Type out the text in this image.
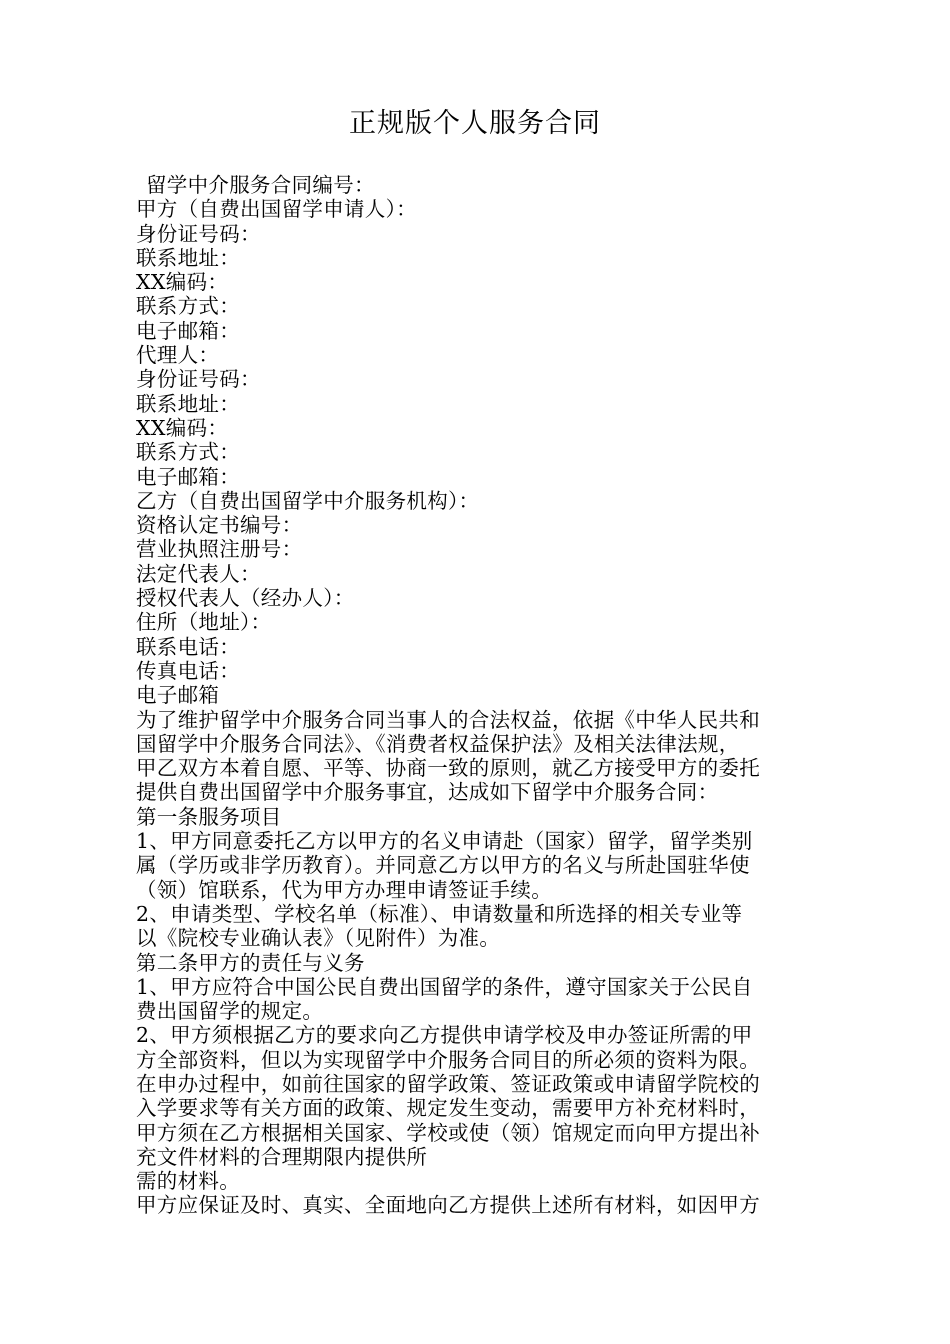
正规版个人服务合同
留学中介服务合同编号：
甲方（自费出国留学申请人）：
身份证号码：
联系地址：
XX编码：
联系方式：
电子邮箱：
代理人：
身份证号码：
联系地址：
XX编码：
联系方式：
电子邮箱：
乙方（自费出国留学中介服务机构）：
资格认定书编号：
营业执照注册号：
法定代表人：
授权代表人（经办人）：
住所（地址）：
联系电话：
传真电话：
电子邮箱
为了维护留学中介服务合同当事人的合法权益，依据《中华人民共和
国留学中介服务合同法》、《消费者权益保护法》及相关法律法规，
甲乙双方本着自愿、平等、协商一致的原则，就乙方接受甲方的委托
提供自费出国留学中介服务事宜，达成如下留学中介服务合同：
第一条服务项目
1、甲方同意委托乙方以甲方的名义申请赴（国家）留学，留学类别
属（学历或非学历教育）。并同意乙方以甲方的名义与所赴国驻华使
（领）馆联系，代为甲方办理申请签证手续。
2、申请类型、学校名单（标准）、申请数量和所选择的相关专业等
以《院校专业确认表》（见附件）为准。
第二条甲方的责任与义务
1、甲方应符合中国公民自费出国留学的条件，遵守国家关于公民自
费出国留学的规定。
2、甲方须根据乙方的要求向乙方提供申请学校及申办签证所需的甲
方全部资料，但以为实现留学中介服务合同目的所必须的资料为限。
在申办过程中，如前往国家的留学政策、签证政策或申请留学院校的
入学要求等有关方面的政策、规定发生变动，需要甲方补充材料时，
甲方须在乙方根据相关国家、学校或使（领）馆规定而向甲方提出补
充文件材料的合理期限内提供所
需的材料。
甲方应保证及时、真实、全面地向乙方提供上述所有材料，如因甲方
